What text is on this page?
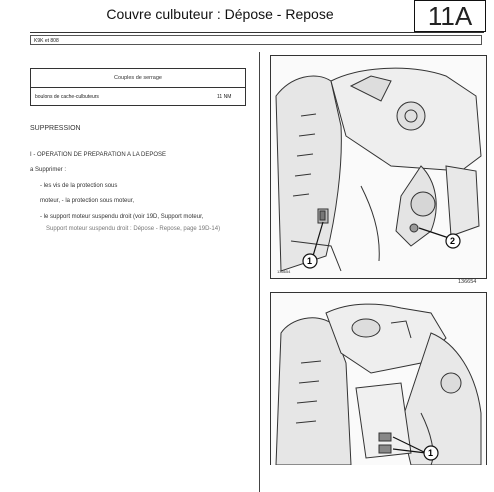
Couvre culbuteur : Dépose - Repose	11A
K9K et 808
Couples de serrage
boulons de cache-culbuteurs	11 NM
SUPPRESSION
I - OPERATION DE PREPARATION A LA DEPOSE
a Supprimer :
- les vis de la protection sous
moteur, - la protection sous moteur,
- le support moteur suspendu droit (voir 19D, Support moteur,
Support moteur suspendu droit : Dépose - Repose, page 19D-14)
1
2
136654
136654
1
